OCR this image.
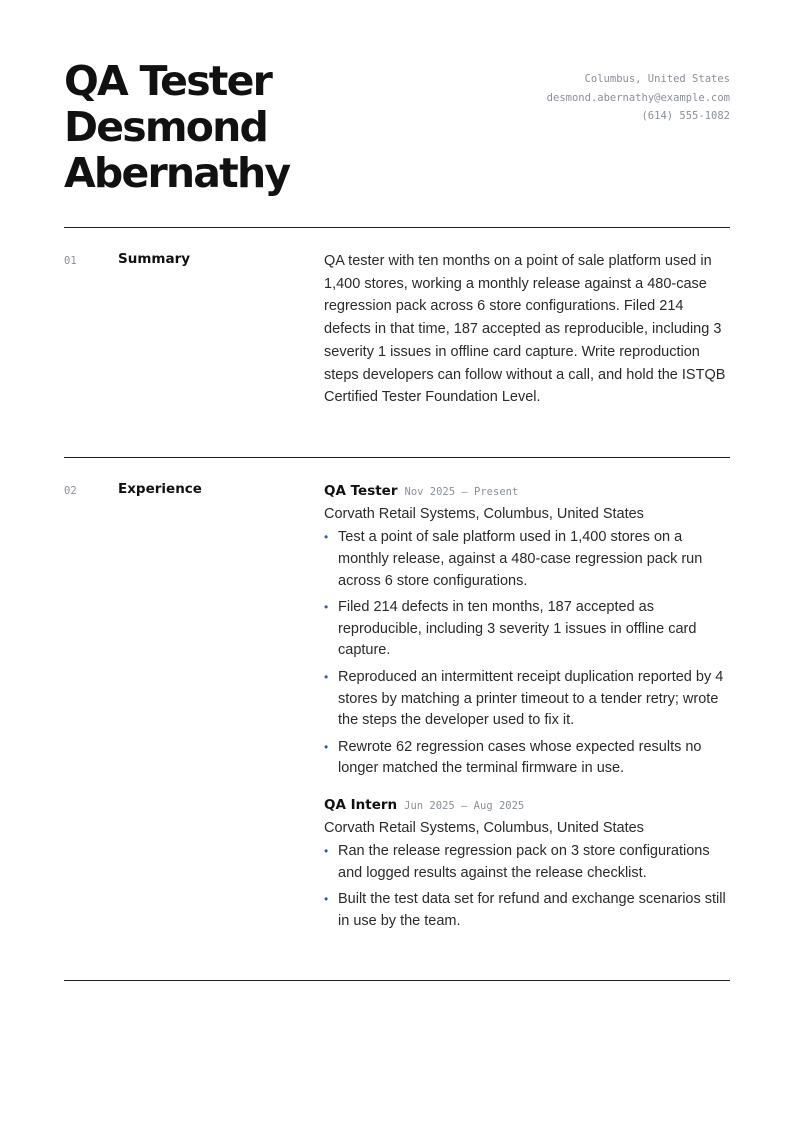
QA Tester
Desmond
Abernathy
Columbus, United States
desmond.abernathy@example.com
(614) 555-1082
01	Summary	QA tester with ten months on a point of sale platform used in 1,400 stores, working a monthly release against a 480-case regression pack across 6 store configurations. Filed 214 defects in that time, 187 accepted as reproducible, including 3 severity 1 issues in offline card capture. Write reproduction steps developers can follow without a call, and hold the ISTQB Certified Tester Foundation Level.
02	Experience	QA Tester Nov 2025 – Present
Corvath Retail Systems, Columbus, United States
• Test a point of sale platform used in 1,400 stores on a monthly release, against a 480-case regression pack run across 6 store configurations.
• Filed 214 defects in ten months, 187 accepted as reproducible, including 3 severity 1 issues in offline card capture.
• Reproduced an intermittent receipt duplication reported by 4 stores by matching a printer timeout to a tender retry; wrote the steps the developer used to fix it.
• Rewrote 62 regression cases whose expected results no longer matched the terminal firmware in use.
QA Intern Jun 2025 – Aug 2025
Corvath Retail Systems, Columbus, United States
• Ran the release regression pack on 3 store configurations and logged results against the release checklist.
• Built the test data set for refund and exchange scenarios still in use by the team.
